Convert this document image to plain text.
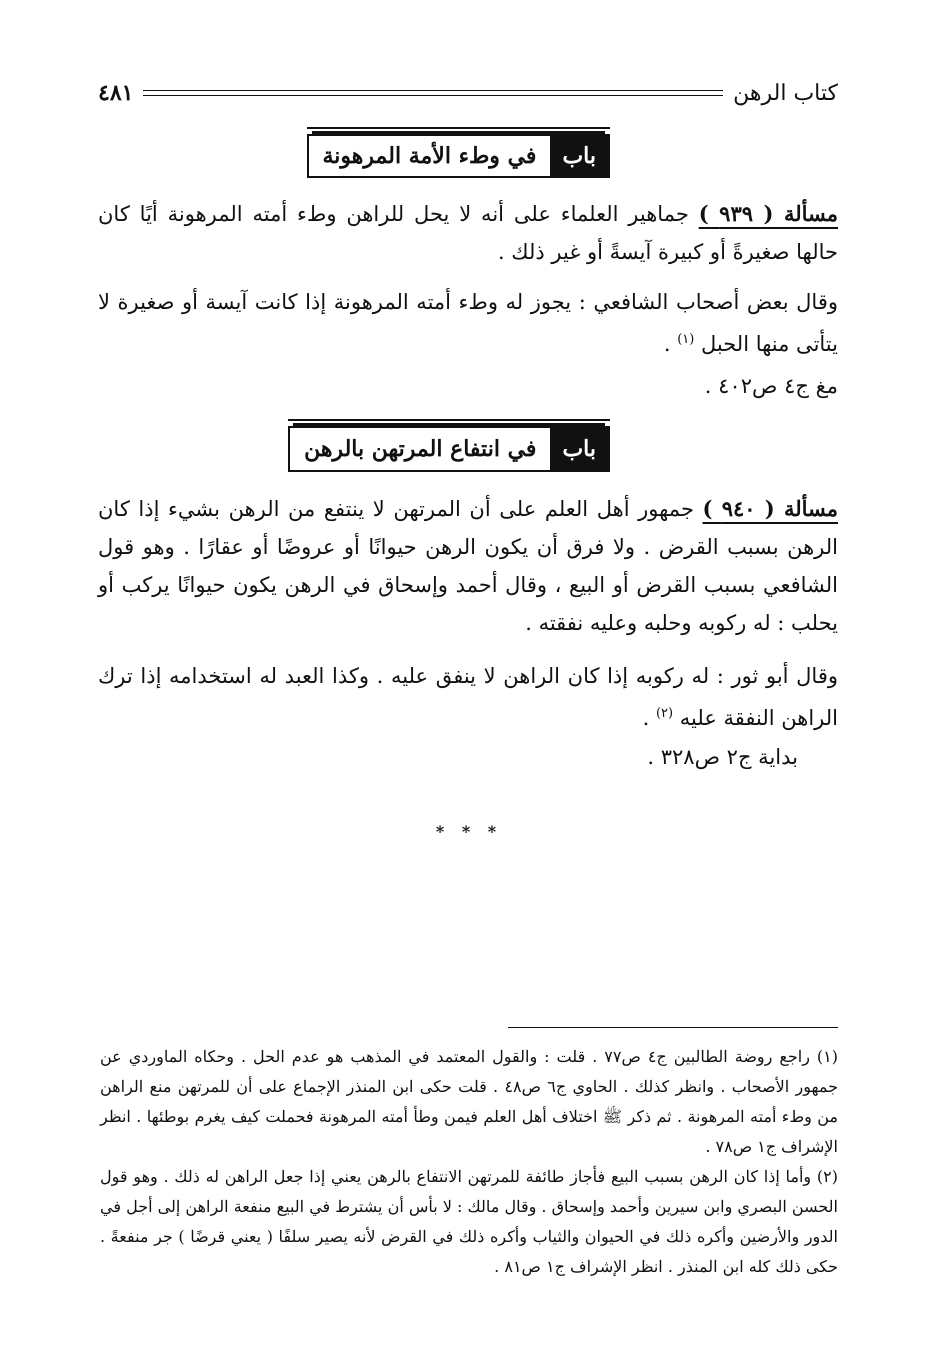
كتاب الرهن
٤٨١
باب
في وطء الأمة المرهونة
مسألة ( ٩٣٩ ) جماهير العلماء على أنه لا يحل للراهن وطء أمته المرهونة أيًا كان حالها صغيرةً أو كبيرة آيسةً أو غير ذلك .
وقال بعض أصحاب الشافعي : يجوز له وطء أمته المرهونة إذا كانت آيسة أو صغيرة لا يتأتى منها الحبل $^{(١)}$ .
مغ ج٤ ص٤٠٢ .
باب
في انتفاع المرتهن بالرهن
مسألة ( ٩٤٠ ) جمهور أهل العلم على أن المرتهن لا ينتفع من الرهن بشيء إذا كان الرهن بسبب القرض . ولا فرق أن يكون الرهن حيوانًا أو عروضًا أو عقارًا . وهو قول الشافعي بسبب القرض أو البيع ، وقال أحمد وإسحاق في الرهن يكون حيوانًا يركب أو يحلب : له ركوبه وحلبه وعليه نفقته .
وقال أبو ثور : له ركوبه إذا كان الراهن لا ينفق عليه . وكذا العبد له استخدامه إذا ترك الراهن النفقة عليه $^{(٢)}$ .
بداية ج٢ ص٣٢٨ .
* * *
(١) راجع روضة الطالبين ج٤ ص٧٧ . قلت : والقول المعتمد في المذهب هو عدم الحل . وحكاه الماوردي عن جمهور الأصحاب . وانظر كذلك . الحاوي ج٦ ص٤٨ . قلت حكى ابن المنذر الإجماع على أن للمرتهن منع الراهن من وطء أمته المرهونة . ثم ذكر ﷺ اختلاف أهل العلم فيمن وطأ أمته المرهونة فحملت كيف يغرم بوطئها . انظر الإشراف ج١ ص٧٨ .
(٢) وأما إذا كان الرهن بسبب البيع فأجاز طائفة للمرتهن الانتفاع بالرهن يعني إذا جعل الراهن له ذلك . وهو قول الحسن البصري وابن سيرين وأحمد وإسحاق . وقال مالك : لا بأس أن يشترط في البيع منفعة الراهن إلى أجل في الدور والأرضين وأكره ذلك في الحيوان والثياب وأكره ذلك في القرض لأنه يصير سلفًا ( يعني قرضًا ) جر منفعةً . حكى ذلك كله ابن المنذر . انظر الإشراف ج١ ص٨١ .
